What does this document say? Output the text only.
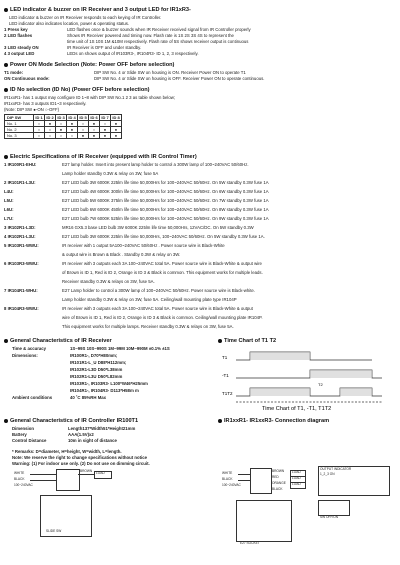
LED indicator & buzzer on IR Receiver and 3 output LED for IR1xR3-
LED indicator & buzzer on IR Receiver responds to each keying of IR Controller.
LED indicator also indicates location, power & operating status.
1 Press key	LED flashes once & buzzer sounds when IR Receiver received signal from IR Controller properly
2 LED flashes	Shows IR Receiver powered and timing now. Flash rate is 1S 2S 3S 4S to represent the
time unit of 1S 10S 1M &10M respectively. Flash rate of 5S shows receiver output is continuous
3 LED steady ON	IR Receiver is OFF and under standby.
4 3 output LED	LEDs on shows output of IR103R3-, IR104R3- ID 1, 2, 3 respectively.
Power ON Mode Selection (Note: Power OFF before selection)
T1 mode:	DIP SW No. 4 or Slide SW on housing is ON. Receiver Power ON to operate T1
ON Continuous mode:	DIP SW No. 4 or Slide SW on housing is OFF. Receiver Power ON to operate continuous.
ID No selection (ID No) (Power OFF before selection)
IR1xxR1- has 1 output may configure ID 1~8 with DIP SW No.1 2 3 as table shown below;
IR1xxR3- has 3 outputs ID1~3 respectively.
(Note: DIP SW ●-ON ○-OFF)
DIP SW	ID 1	ID 2	ID 3	ID 4	ID 5	ID 6	ID 7	ID 8
No. 1	○	●	○	●	○	●	○	●
No. 2	○	○	●	●	○	○	●	●
No. 3	○	○	○	○	●	●	●	●
Electric Specifications of IR Receiver (equipped with IR Control Timer)
1 IR100R1-EHU:	E27 lamp holder. Insert into present lamp holder to control a 300W lamp of 100~240VAC 50/60Hz.
Lamp holder standby 0.3W & relay on 3W, fuse 5A
2 IR101R1-L3U:	E27 LED bulb 3W 6000K 225lm life time 50,000Hrs for 100~240VAC 50/60Hz. On 5W standby 0.3W fuse 1A
L4U:	E27 LED bulb 4W 6000K 300lm life time 50,000Hrs for 100~240VAC 50/60Hz. On 6W standby 0.3W fuse 1A
L5U:	E27 LED bulb 5W 6000K 375lm life time 50,000Hrs for 100~240VAC 50/60Hz. On 7W standby 0.3W fuse 1A
L6U:	E27 LED bulb 6W 6000K 450lm life time 50,000Hrs for 100~240VAC 50/60Hz. On 8W standby 0.3W fuse 1A
L7U:	E27 LED bulb 7W 6000K 525lm life time 50,000Hrs for 100~240VAC 50/60Hz. On 9W standby 0.3W fuse 1A
3 IR102R1-L3D:	MR16 GX5.3 base LED bulb 3W 6000K 225lm life time 50,000Hrs, 12VAC/DC. On 5W standby 0.3W
4 IR102R1-L3U:	E27 LED bulb 3W 6000K 225lm life time 50,000Hrs, 100~240VAC 50/60Hz. On 5W standby 0.3W fuse 1A.
5 IR103R1-WWU:	IR receiver with 1 output 5A100~240VAC 50/60Hz . Power source wire is Black-White
& output wire is Brown & Black . Standby 0.3W & relay on 3W.
6 IR103R3-WWU:	IR receiver with 3 outputs each 3A 100~240VAC total 5A. Power source wire is Black-White & output wire
of Brown is ID 1, Red is ID 2, Orange is ID 3 & Black is common. This equipment works for multiple leads.
Receiver standby 0.3W & relays on 3W, fuse 5A.
7 IR104R1-WHU:	E27 Lamp holder to control a 300W lamp of 100~240VAC 50/60Hz. Power source wire is Black-white.
Lamp holder standby 0.3W & relay on 3W, fuse 5A. Ceiling/wall mounting plate type IR104P
8 IR104R3-WWU:	IR receiver with 3 outputs each 3A 100~240VAC total 5A. Power source wire is Black-White & output
wire of Brown is ID 1, Red is ID 2, Orange is ID 3 & Black is common. Ceiling/wall mounting plate IR104P.
This equipment works for multiple lamps. Receiver standby 0.3W & relays on 3W, fuse 5A.
General Characteristics of IR Receiver
Time & accuracy	1S~99S 10S~990S 1M~99M 10M~990M ±0.1% ±1S
Dimensions:	IR100R1-, D70*H80mm;
IR101R1-L_U D88*H112mm;
IR102R1-L3D D50*L38mm
IR102R1-L3U D50*L82mm
IR103R1-, IR103R3- L100*W46*H25mm
IR104R1-, IR104R3- D113*H58m m
Ambient conditions	40 ˚C 85%RH Max
Time Chart of T1 T2
T1
-T1
T1T2
T2
Time Chart of T1, -T1, T1T2
General Characteristics of IR Controller IR100T1
Dimension	Length137*Width51*Height21mm
Battery	AAA(1.5V)x2
Control Distance	10m in sight of distance
* Remarks: D=diameter, H=height, W=width, L=length.
Note: We reserve the right to change specifications without notice
Warning: (1) For indoor use only. (2) Do not use on dimming circuit.
IR1xxR1- IR1xxR3- Connection diagram
WHITE
BLACK
100~240VAC
BROWN LOAD
SLIDE SW
WHITE
BLACK
100~240VAC
BROWN
RED
ORANGE
BLACK
LOAD
LOAD
LOAD
OUTPUT INDICATOR
1_2_3 ON
SW OFF/ON
E27 SOCKET
